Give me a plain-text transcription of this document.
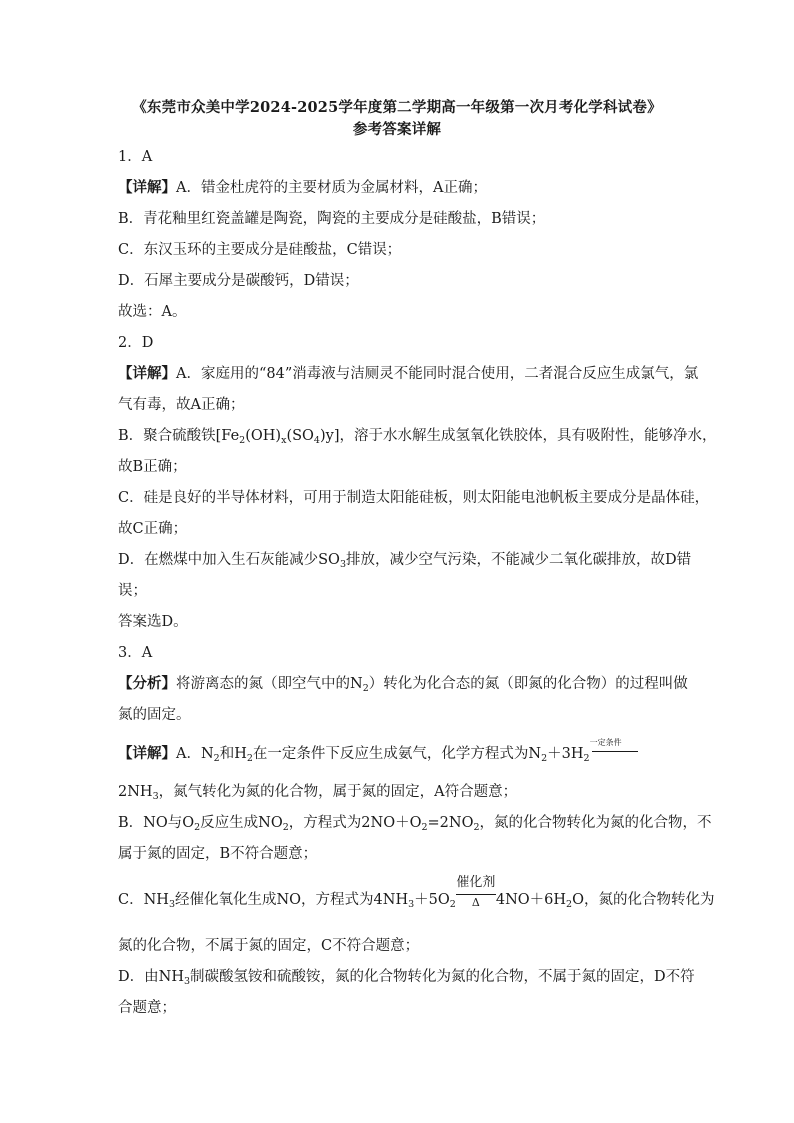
《东莞市众美中学2024-2025学年度第二学期高一年级第一次月考化学科试卷》
参考答案详解
1．A
【详解】A．错金杜虎符的主要材质为金属材料，A正确；
B．青花釉里红瓷盖罐是陶瓷，陶瓷的主要成分是硅酸盐，B错误；
C．东汉玉环的主要成分是硅酸盐，C错误；
D．石犀主要成分是碳酸钙，D错误；
故选：A。
2．D
【详解】A．家庭用的“84”消毒液与洁厕灵不能同时混合使用，二者混合反应生成氯气，氯
气有毒，故A正确；
B．聚合硫酸铁$[Fe_2(OH)_x(SO_4)y]$，溶于水水解生成氢氧化铁胶体，具有吸附性，能够净水，
故B正确；
C．硅是良好的半导体材料，可用于制造太阳能硅板，则太阳能电池帆板主要成分是晶体硅，
故C正确；
D．在燃煤中加入生石灰能减少$SO_3$排放，减少空气污染，不能减少二氧化碳排放，故D错
误；
答案选D。
3．A
【分析】将游离态的氮（即空气中的$N_2$）转化为化合态的氮（即氮的化合物）的过程叫做
氮的固定。
【详解】A．$N_2$和$H_2$在一定条件下反应生成氨气，化学方程式为$N_2+3H_2$
一定条件
$2NH_3$，氮气转化为氮的化合物，属于氮的固定，A符合题意；
B．NO与$O_2$反应生成$NO_2$，方程式为$2NO+O_2=2NO_2$，氮的化合物转化为氮的化合物，不
属于氮的固定，B不符合题意；
C．$NH_3$经催化氧化生成NO，方程式为$4NH_3+5O_2 \frac{\text{催化剂}}{\Delta} 4NO+6H_2O$，氮的化合物转化为
氮的化合物，不属于氮的固定，C不符合题意；
D．由$NH_3$制碳酸氢铵和硫酸铵，氮的化合物转化为氮的化合物，不属于氮的固定，D不符
合题意；
